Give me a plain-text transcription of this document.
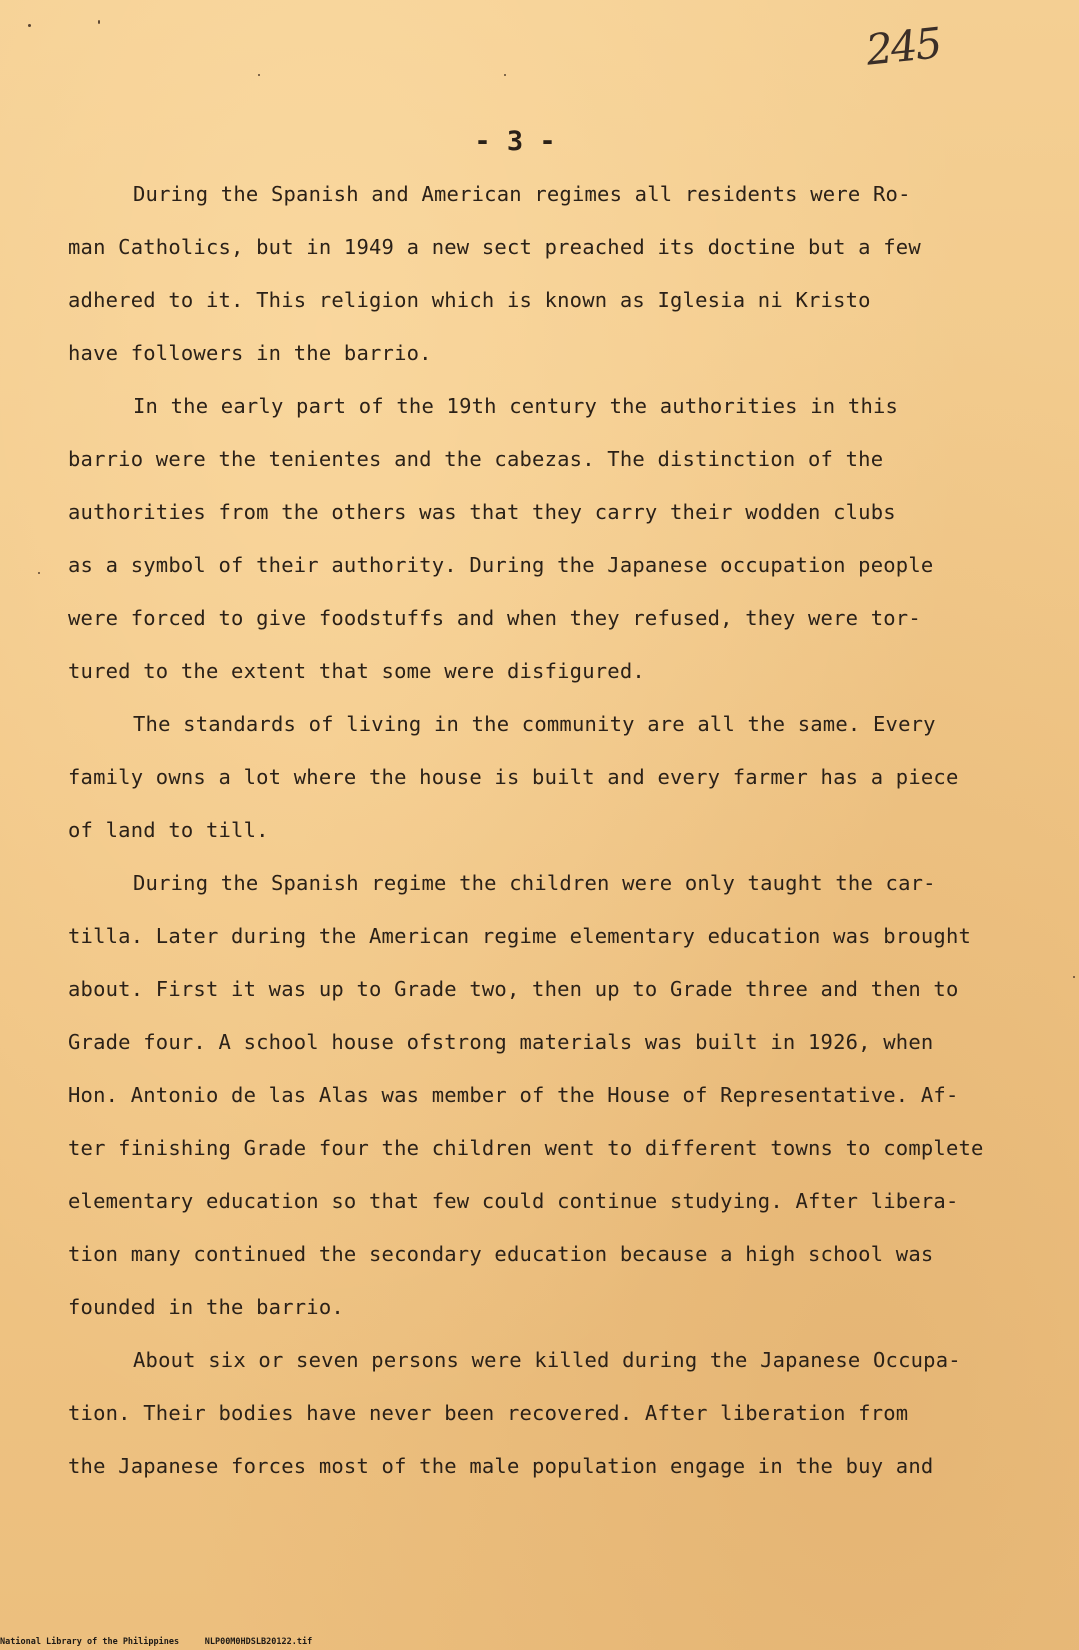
245
- 3 -
During the Spanish and American regimes all residents were Ro-
man Catholics, but in 1949 a new sect preached its doctine but a few
adhered to it. This religion which is known as Iglesia ni Kristo
have followers in the barrio.
In the early part of the 19th century the authorities in this
barrio were the tenientes and the cabezas. The distinction of the
authorities from the others was that they carry their wodden clubs
as a symbol of their authority. During the Japanese occupation people
were forced to give foodstuffs and when they refused, they were tor-
tured to the extent that some were disfigured.
The standards of living in the community are all the same. Every
family owns a lot where the house is built and every farmer has a piece
of land to till.
During the Spanish regime the children were only taught the car-
tilla. Later during the American regime elementary education was brought
about. First it was up to Grade two, then up to Grade three and then to
Grade four. A school house ofstrong materials was built in 1926, when
Hon. Antonio de las Alas was member of the House of Representative. Af-
ter finishing Grade four the children went to different towns to complete
elementary education so that few could continue studying. After libera-
tion many continued the secondary education because a high school was
founded in the barrio.
About six or seven persons were killed during the Japanese Occupa-
tion. Their bodies have never been recovered. After liberation from
the Japanese forces most of the male population engage in the buy and
National Library of the Philippines	NLP00M0HDSLB20122.tif
